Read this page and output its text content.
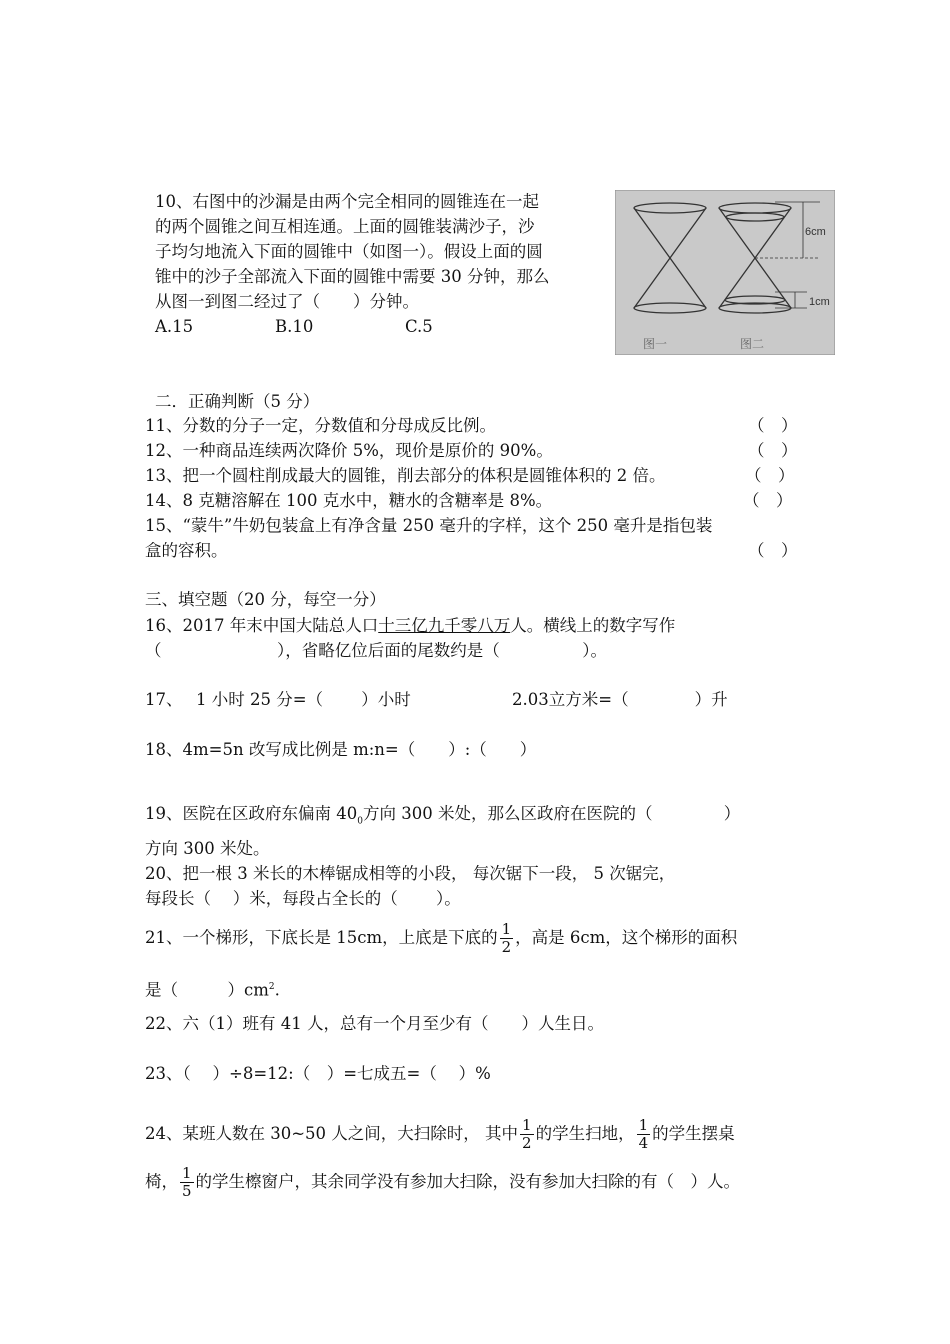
10、右图中的沙漏是由两个完全相同的圆锥连在一起
的两个圆锥之间互相连通。上面的圆锥装满沙子，沙
子均匀地流入下面的圆锥中（如图一）。假设上面的圆
锥中的沙子全部流入下面的圆锥中需要 30 分钟，那么
从图一到图二经过了（　　）分钟。
A.15	B.10	C.5
6cm
1cm
图一	图二
二．正确判断（5 分）
11、分数的分子一定，分数值和分母成反比例。	（　）
12、一种商品连续两次降价 5%，现价是原价的 90%。	（　）
13、把一个圆柱削成最大的圆锥，削去部分的体积是圆锥体积的 2 倍。	（　）
14、8 克糖溶解在 100 克水中，糖水的含糖率是 8%。	（　）
15、“蒙牛”牛奶包装盒上有净含量 250 毫升的字样，这个 250 毫升是指包装
盒的容积。	（　）
三、填空题（20 分，每空一分）
16、2017 年末中国大陆总人口十三亿九千零八万人。横线上的数字写作
（　　　　　　　），省略亿位后面的尾数约是（　　　　　）。
17、　 1 小时 25 分=（　　 ）小时	2.03立方米=（　　　　）升
18、4m=5n 改写成比例是 m:n=（　　）:（　　）
19、医院在区政府东偏南 $40_0$方向 300 米处，那么区政府在医院的（　　　　 ）
方向 300 米处。
20、把一根 3 米长的木棒锯成相等的小段， 每次锯下一段， 5 次锯完，
每段长（　 ）米，每段占全长的（　　 ）。
21、一个梯形，下底长是 15cm，上底是下底的 $\frac{1}{2}$ ，高是 6cm，这个梯形的面积
是（　　　）$cm^2$.
22、六（1）班有 41 人，总有一个月至少有（　　）人生日。
23、（　 ）÷8=12:（　）=七成五=（　 ）%
24、某班人数在 30~50 人之间，大扫除时， 其中 $\frac{1}{2}$ 的学生扫地， $\frac{1}{4}$ 的学生摆桌
椅， $\frac{1}{5}$ 的学生檫窗户，其余同学没有参加大扫除，没有参加大扫除的有（　）人。
